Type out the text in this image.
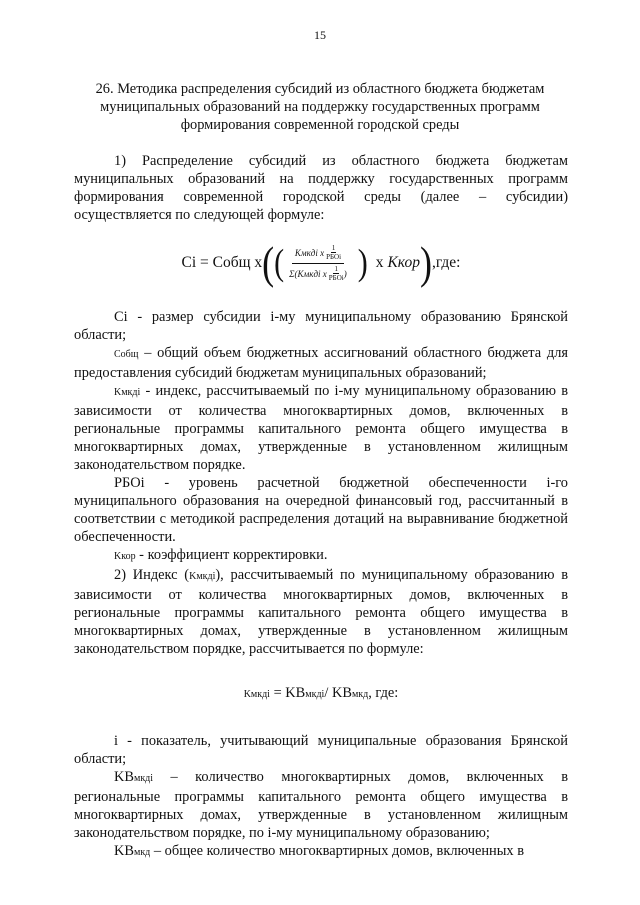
15
26. Методика распределения субсидий из областного бюджета бюджетам муниципальных образований на поддержку государственных программ формирования современной городской среды

1) Распределение субсидий из областного бюджета бюджетам муниципальных образований на поддержку государственных программ формирования современной городской среды (далее – субсидии) осуществляется по следующей формуле:

Ci = Cобщ x ( ( Kмкдi x 1
PБOi
Σ(Kмкдi x 1
PБOi ) ) x Kкор ) ,где:

Ci - размер субсидии i-му муниципальному образованию Брянской области;

Cобщ – общий объем бюджетных ассигнований областного бюджета для предоставления субсидий бюджетам муниципальных образований;

Kмкдi - индекс, рассчитываемый по i-му муниципальному образованию в зависимости от количества многоквартирных домов, включенных в региональные программы капитального ремонта общего имущества в многоквартирных домах, утвержденные в установленном жилищным законодательством порядке.

PБOi - уровень расчетной бюджетной обеспеченности i-го муниципального образования на очередной финансовый год, рассчитанный в соответствии с методикой распределения дотаций на выравнивание бюджетной обеспеченности.

Kкор - коэффициент корректировки.

2) Индекс (Kмкдi), рассчитываемый по муниципальному образованию в зависимости от количества многоквартирных домов, включенных в региональные программы капитального ремонта общего имущества в многоквартирных домах, утвержденные в установленном жилищным законодательством порядке, рассчитывается по формуле:

Kмкдi = KВмкдi/ KВмкд, где:

i - показатель, учитывающий муниципальные образования Брянской области;

KВмкдi – количество многоквартирных домов, включенных в региональные программы капитального ремонта общего имущества в многоквартирных домах, утвержденные в установленном жилищным законодательством порядке, по i-му муниципальному образованию;

KВмкд – общее количество многоквартирных домов, включенных в
